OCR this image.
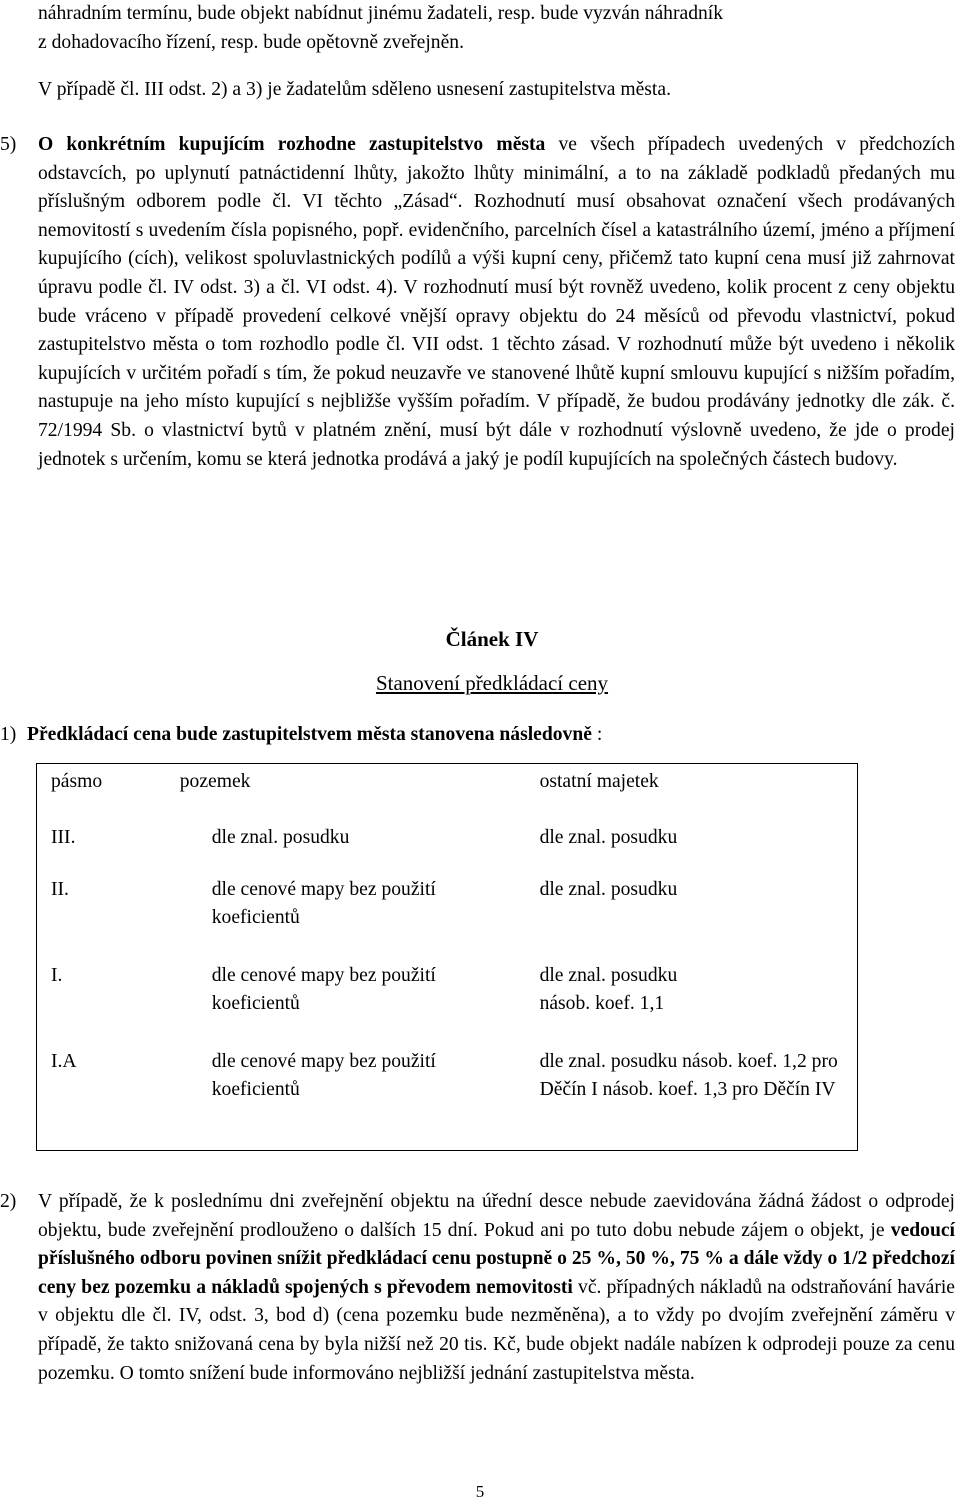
náhradním termínu, bude objekt nabídnut jinému žadateli, resp. bude vyzván náhradník
z dohadovacího řízení, resp. bude opětovně zveřejněn.
V případě čl. III odst. 2) a 3) je žadatelům sděleno usnesení zastupitelstva města.
5) O konkrétním kupujícím rozhodne zastupitelstvo města ve všech případech uvedených v předchozích odstavcích, po uplynutí patnáctidenní lhůty, jakožto lhůty minimální, a to na základě podkladů předaných mu příslušným odborem podle čl. VI těchto „Zásad“. Rozhodnutí musí obsahovat označení všech prodávaných nemovitostí s uvedením čísla popisného, popř. evidenčního, parcelních čísel a katastrálního území, jméno a příjmení kupujícího (cích), velikost spoluvlastnických podílů a výši kupní ceny, přičemž tato kupní cena musí již zahrnovat úpravu podle čl. IV odst. 3) a čl. VI odst. 4). V rozhodnutí musí být rovněž uvedeno, kolik procent z ceny objektu bude vráceno v případě provedení celkové vnější opravy objektu do 24 měsíců od převodu vlastnictví, pokud zastupitelstvo města o tom rozhodlo podle čl. VII odst. 1 těchto zásad. V rozhodnutí může být uvedeno i několik kupujících v určitém pořadí s tím, že pokud neuzavře ve stanovené lhůtě kupní smlouvu kupující s nižším pořadím, nastupuje na jeho místo kupující s nejbližše vyšším pořadím. V případě, že budou prodávány jednotky dle zák. č. 72/1994 Sb. o vlastnictví bytů v platném znění, musí být dále v rozhodnutí výslovně uvedeno, že jde o prodej jednotek s určením, komu se která jednotka prodává a jaký je podíl kupujících na společných částech budovy.
Článek IV
Stanovení předkládací ceny
1) Předkládací cena bude zastupitelstvem města stanovena následovně :
pásmo	pozemek	ostatní majetek

III.	dle znal. posudku	dle znal. posudku

II.	dle cenové mapy bez použití koeficientů	dle znal. posudku

I.	dle cenové mapy bez použití koeficientů	dle znal. posudku násob. koef. 1,1

I.A	dle cenové mapy bez použití koeficientů	dle znal. posudku násob. koef. 1,2 pro Děčín I násob. koef. 1,3 pro Děčín IV
2) V případě, že k poslednímu dni zveřejnění objektu na úřední desce nebude zaevidována žádná žádost o odprodej objektu, bude zveřejnění prodlouženo o dalších 15 dní. Pokud ani po tuto dobu nebude zájem o objekt, je vedoucí příslušného odboru povinen snížit předkládací cenu postupně o 25 %, 50 %, 75 % a dále vždy o 1/2 předchozí ceny bez pozemku a nákladů spojených s převodem nemovitosti vč. případných nákladů na odstraňování havárie v objektu dle čl. IV, odst. 3, bod d) (cena pozemku bude nezměněna), a to vždy po dvojím zveřejnění záměru v případě, že takto snižovaná cena by byla nižší než 20 tis. Kč, bude objekt nadále nabízen k odprodeji pouze za cenu pozemku. O tomto snížení bude informováno nejbližší jednání zastupitelstva města.
5
